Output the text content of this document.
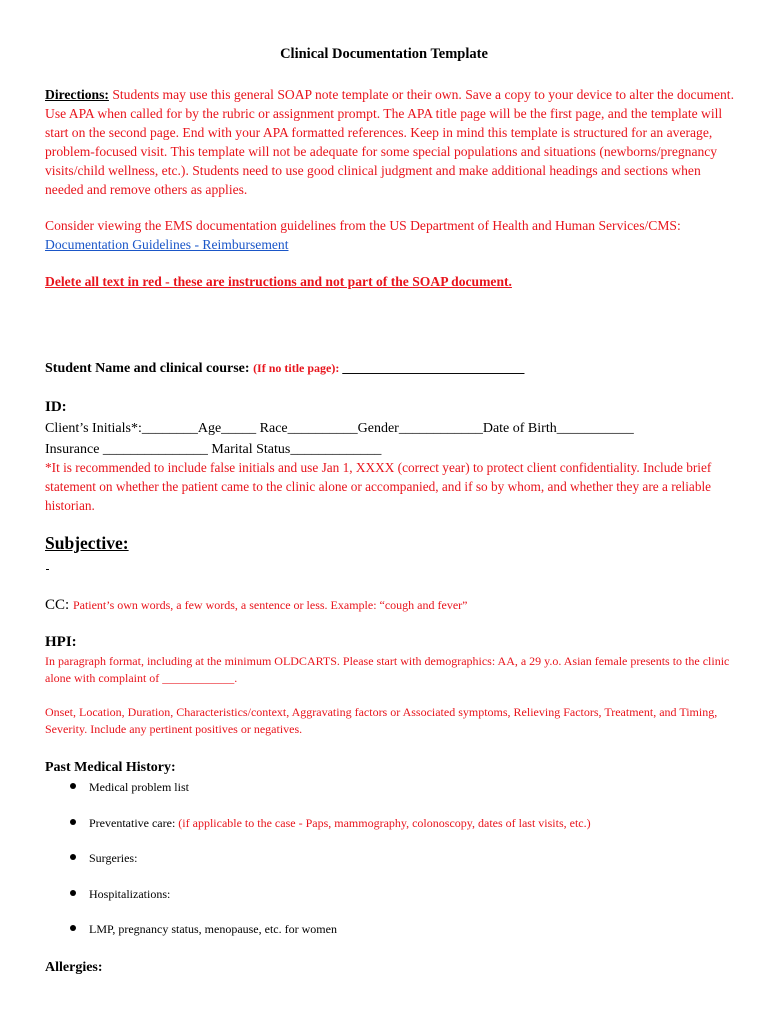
Clinical Documentation Template
Directions: Students may use this general SOAP note template or their own. Save a copy to your device to alter the document. Use APA when called for by the rubric or assignment prompt. The APA title page will be the first page, and the template will start on the second page. End with your APA formatted references. Keep in mind this template is structured for an average, problem-focused visit. This template will not be adequate for some special populations and situations (newborns/pregnancy visits/child wellness, etc.). Students need to use good clinical judgment and make additional headings and sections when needed and remove others as applies.
Consider viewing the EMS documentation guidelines from the US Department of Health and Human Services/CMS:
Documentation Guidelines - Reimbursement
Delete all text in red - these are instructions and not part of the SOAP document.
Student Name and clinical course: (If no title page): __________________________
ID:
Client’s Initials*:________Age_____ Race__________Gender____________Date of Birth___________
Insurance _______________ Marital Status_____________
*It is recommended to include false initials and use Jan 1, XXXX (correct year) to protect client confidentiality. Include brief statement on whether the patient came to the clinic alone or accompanied, and if so by whom, and whether they are a reliable historian.
Subjective:
CC: Patient’s own words, a few words, a sentence or less. Example: “cough and fever”
HPI:
In paragraph format, including at the minimum OLDCARTS. Please start with demographics: AA, a 29 y.o. Asian female presents to the clinic alone with complaint of ____________.
Onset, Location, Duration, Characteristics/context, Aggravating factors or Associated symptoms, Relieving Factors, Treatment, and Timing, Severity. Include any pertinent positives or negatives.
Past Medical History:
Medical problem list
Preventative care: (if applicable to the case - Paps, mammography, colonoscopy, dates of last visits, etc.)
Surgeries:
Hospitalizations:
LMP, pregnancy status, menopause, etc. for women
Allergies:
